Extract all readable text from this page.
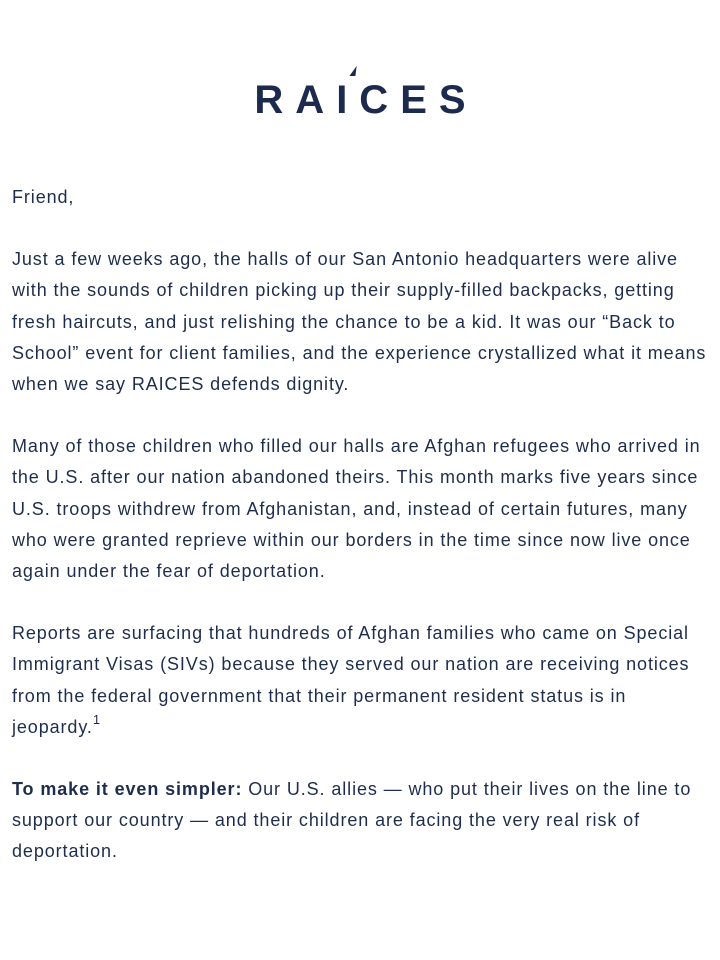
RAICES

Friend,

Just a few weeks ago, the halls of our San Antonio headquarters were alive with the sounds of children picking up their supply-filled backpacks, getting fresh haircuts, and just relishing the chance to be a kid. It was our “Back to School” event for client families, and the experience crystallized what it means when we say RAICES defends dignity.

Many of those children who filled our halls are Afghan refugees who arrived in the U.S. after our nation abandoned theirs. This month marks five years since U.S. troops withdrew from Afghanistan, and, instead of certain futures, many who were granted reprieve within our borders in the time since now live once again under the fear of deportation.

Reports are surfacing that hundreds of Afghan families who came on Special Immigrant Visas (SIVs) because they served our nation are receiving notices from the federal government that their permanent resident status is in jeopardy.$^1$

To make it even simpler: Our U.S. allies — who put their lives on the line to support our country — and their children are facing the very real risk of deportation.
